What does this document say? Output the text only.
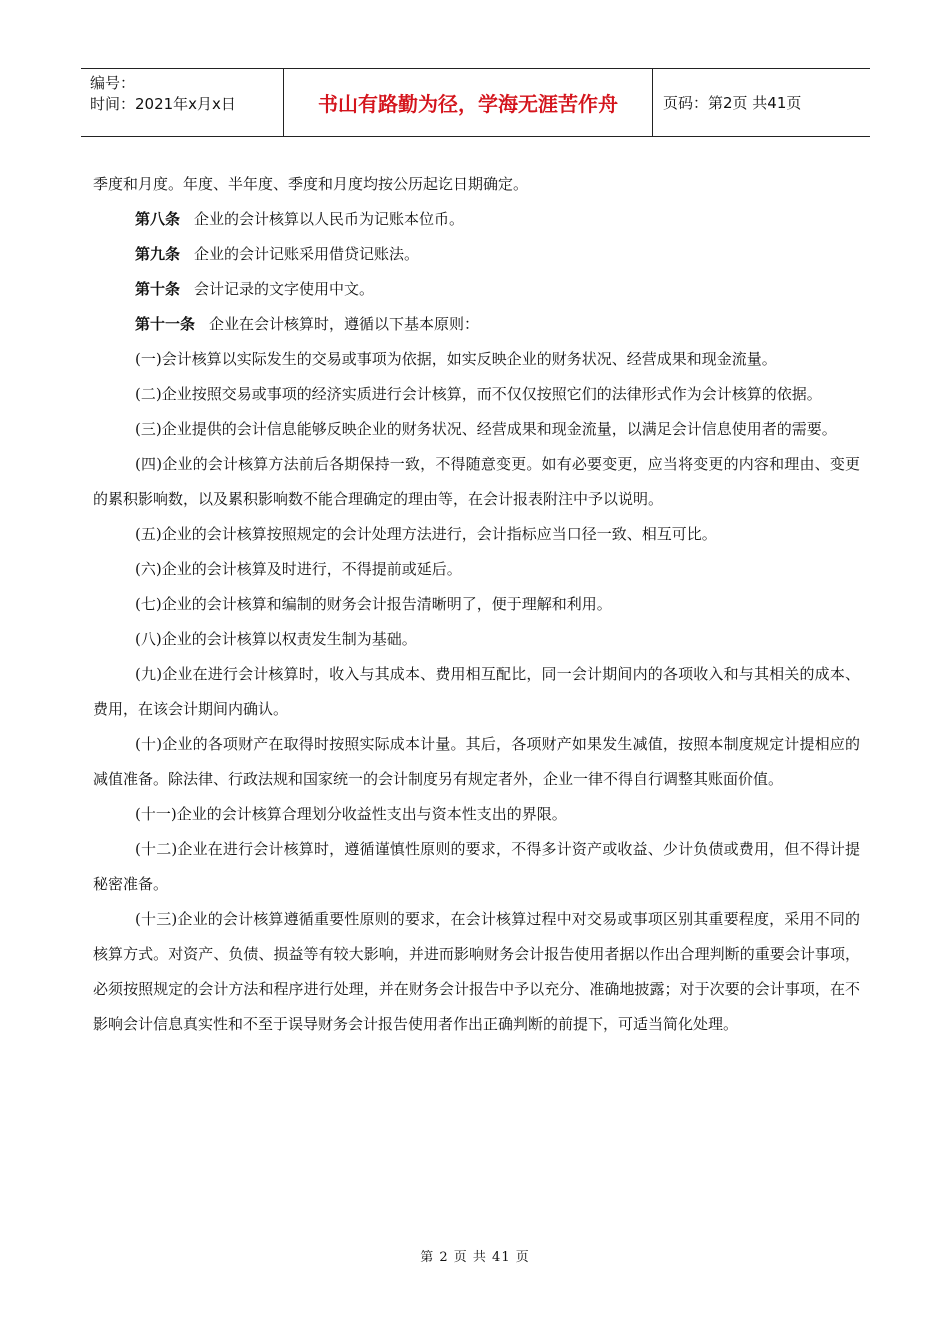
编号：
时间：2021年x月x日	书山有路勤为径，学海无涯苦作舟	页码：第2页 共41页

季度和月度。年度、半年度、季度和月度均按公历起讫日期确定。

第八条 企业的会计核算以人民币为记账本位币。

第九条 企业的会计记账采用借贷记账法。

第十条 会计记录的文字使用中文。

第十一条 企业在会计核算时，遵循以下基本原则：

(一)会计核算以实际发生的交易或事项为依据，如实反映企业的财务状况、经营成果和现金流量。

(二)企业按照交易或事项的经济实质进行会计核算，而不仅仅按照它们的法律形式作为会计核算的依据。

(三)企业提供的会计信息能够反映企业的财务状况、经营成果和现金流量，以满足会计信息使用者的需要。

(四)企业的会计核算方法前后各期保持一致，不得随意变更。如有必要变更，应当将变更的内容和理由、变更的累积影响数，以及累积影响数不能合理确定的理由等，在会计报表附注中予以说明。

(五)企业的会计核算按照规定的会计处理方法进行，会计指标应当口径一致、相互可比。

(六)企业的会计核算及时进行，不得提前或延后。

(七)企业的会计核算和编制的财务会计报告清晰明了，便于理解和利用。

(八)企业的会计核算以权责发生制为基础。

(九)企业在进行会计核算时，收入与其成本、费用相互配比，同一会计期间内的各项收入和与其相关的成本、费用，在该会计期间内确认。

(十)企业的各项财产在取得时按照实际成本计量。其后，各项财产如果发生减值，按照本制度规定计提相应的减值准备。除法律、行政法规和国家统一的会计制度另有规定者外，企业一律不得自行调整其账面价值。

(十一)企业的会计核算合理划分收益性支出与资本性支出的界限。

(十二)企业在进行会计核算时，遵循谨慎性原则的要求，不得多计资产或收益、少计负债或费用，但不得计提秘密准备。

(十三)企业的会计核算遵循重要性原则的要求，在会计核算过程中对交易或事项区别其重要程度，采用不同的核算方式。对资产、负债、损益等有较大影响，并进而影响财务会计报告使用者据以作出合理判断的重要会计事项，必须按照规定的会计方法和程序进行处理，并在财务会计报告中予以充分、准确地披露；对于次要的会计事项，在不影响会计信息真实性和不至于误导财务会计报告使用者作出正确判断的前提下，可适当简化处理。

第 2 页 共 41 页
